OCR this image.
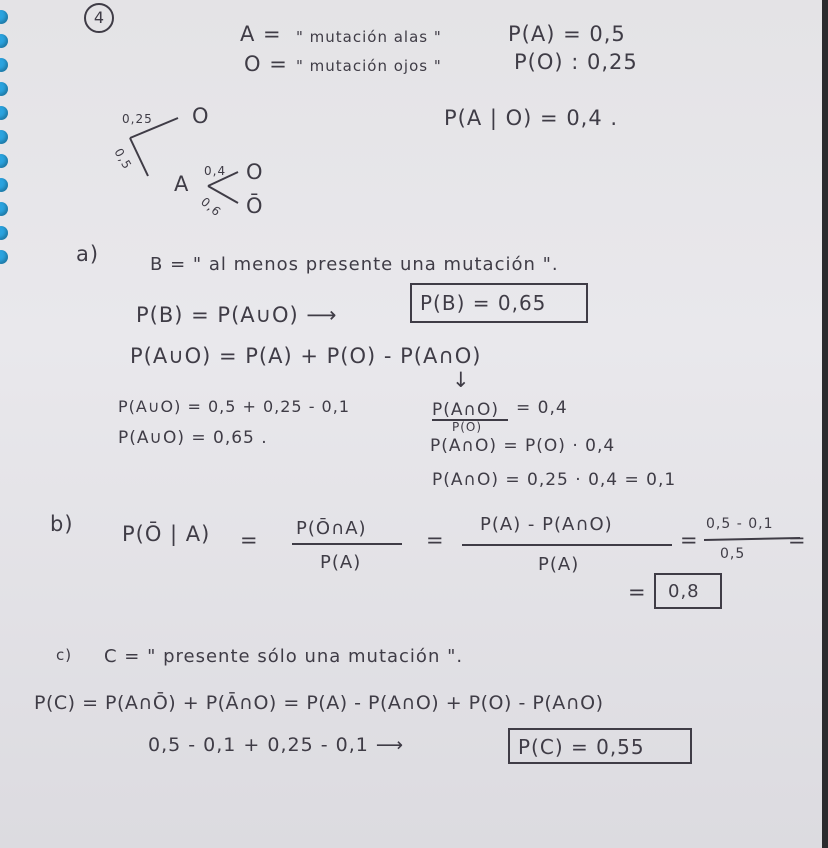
4
A = " mutación alas "	P(A) = 0,5
O = " mutación ojos "	P(O) : 0,25
0,25 O
0,5
A
0,4 O
0,6 Ō
P(A | O) = 0,4 .
a)	B = " al menos presente una mutación ".
P(B) = P(A∪O) ⟶	P(B) = 0,65
P(A∪O) = P(A) + P(O) - P(A∩O)
↓
P(A∪O) = 0,5 + 0,25 - 0,1
P(A∪O) = 0,65 .
P(A∩O) = 0,4
P(O)
P(A∩O) = P(O) · 0,4
P(A∩O) = 0,25 · 0,4 = 0,1
b) P(Ō | A) = P(Ō∩A)
P(A)
=
P(A) - P(A∩O)
P(A)
=
0,5 - 0,1
0,5
=
= 0,8
c) C = " presente sólo una mutación ".
P(C) = P(A∩Ō) + P(Ā∩O) = P(A) - P(A∩O) + P(O) - P(A∩O)
0,5 - 0,1 + 0,25 - 0,1 ⟶	P(C) = 0,55
